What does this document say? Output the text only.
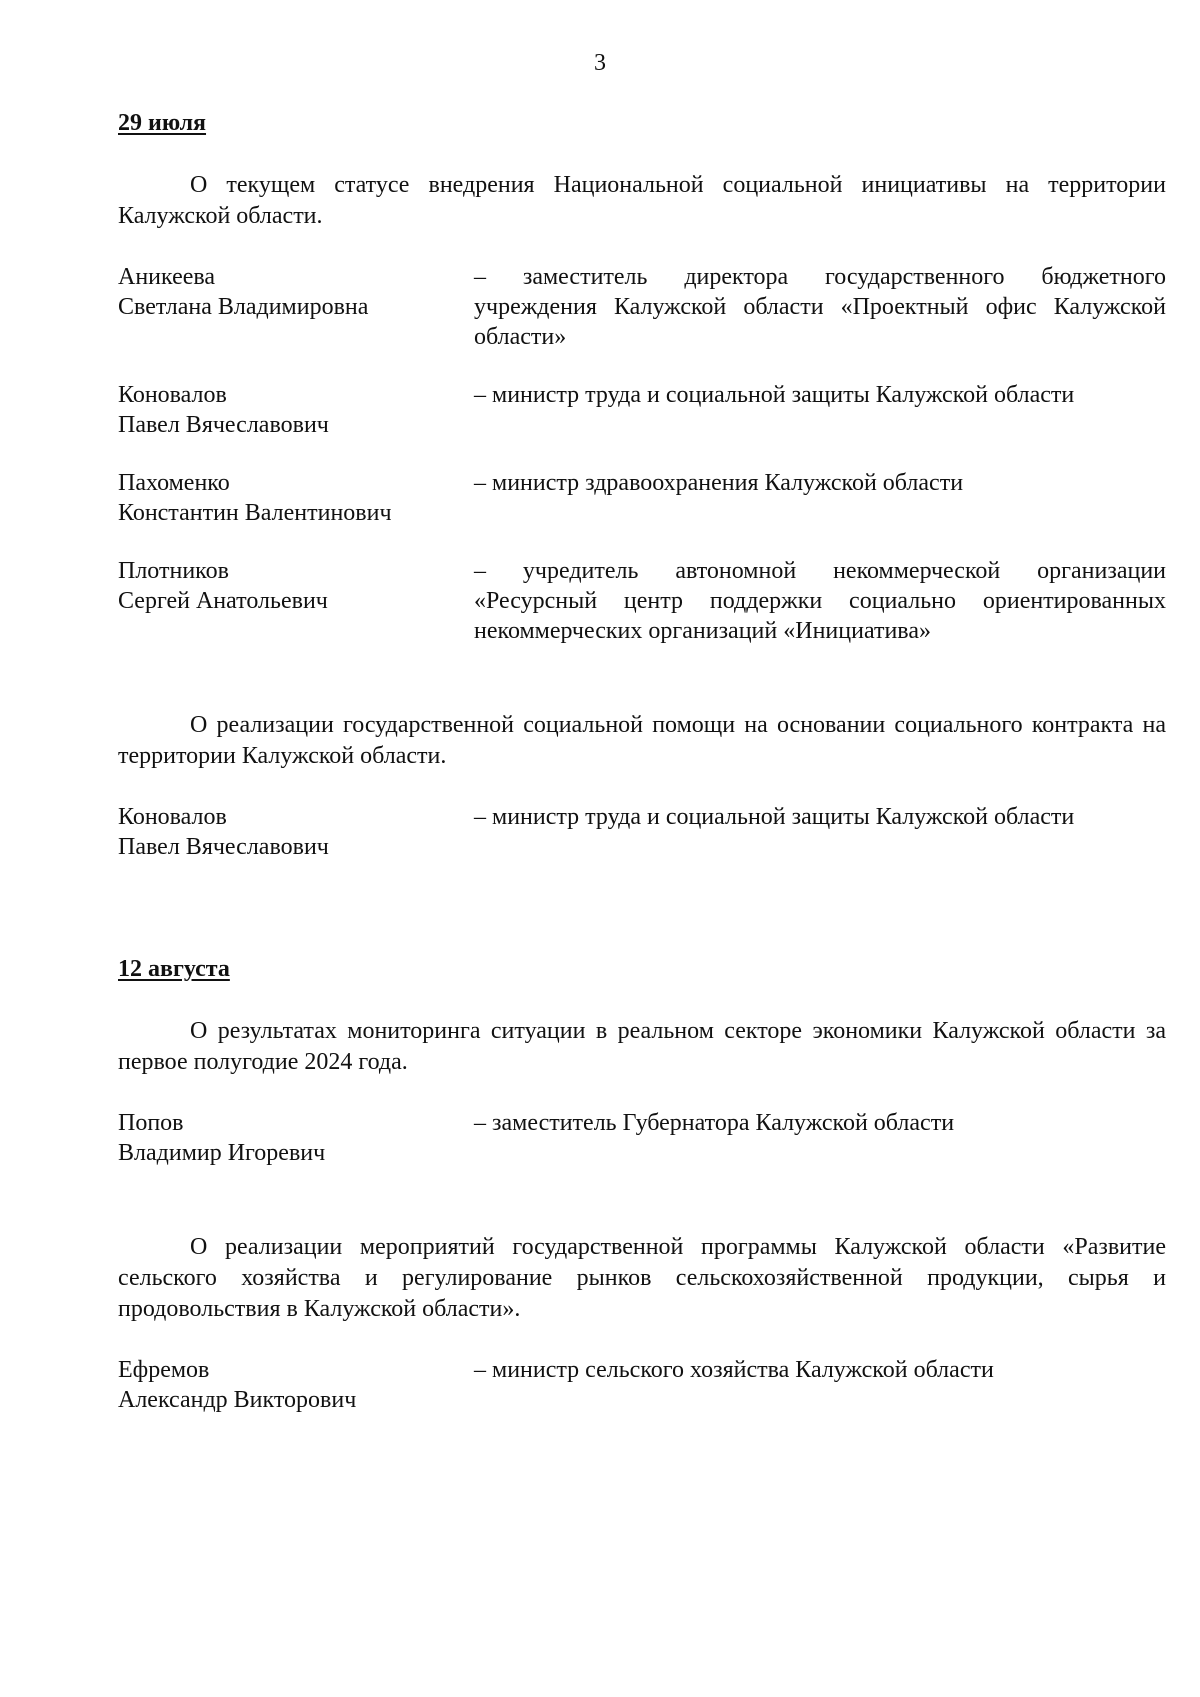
3
29 июля

О текущем статусе внедрения Национальной социальной инициативы на территории Калужской области.

Аникеева
Светлана Владимировна
– заместитель директора государственного бюджетного учреждения Калужской области «Проектный офис Калужской области»
Коновалов
Павел Вячеславович
– министр труда и социальной защиты Калужской области
Пахоменко
Константин Валентинович
– министр здравоохранения Калужской области
Плотников
Сергей Анатольевич
– учредитель автономной некоммерческой организации «Ресурсный центр поддержки социально ориентированных некоммерческих организаций «Инициатива»

О реализации государственной социальной помощи на основании социального контракта на территории Калужской области.

Коновалов
Павел Вячеславович
– министр труда и социальной защиты Калужской области
12 августа

О результатах мониторинга ситуации в реальном секторе экономики Калужской области за первое полугодие 2024 года.

Попов
Владимир Игоревич
– заместитель Губернатора Калужской области

О реализации мероприятий государственной программы Калужской области «Развитие сельского хозяйства и регулирование рынков сельскохозяйственной продукции, сырья и продовольствия в Калужской области».

Ефремов
Александр Викторович
– министр сельского хозяйства Калужской области
